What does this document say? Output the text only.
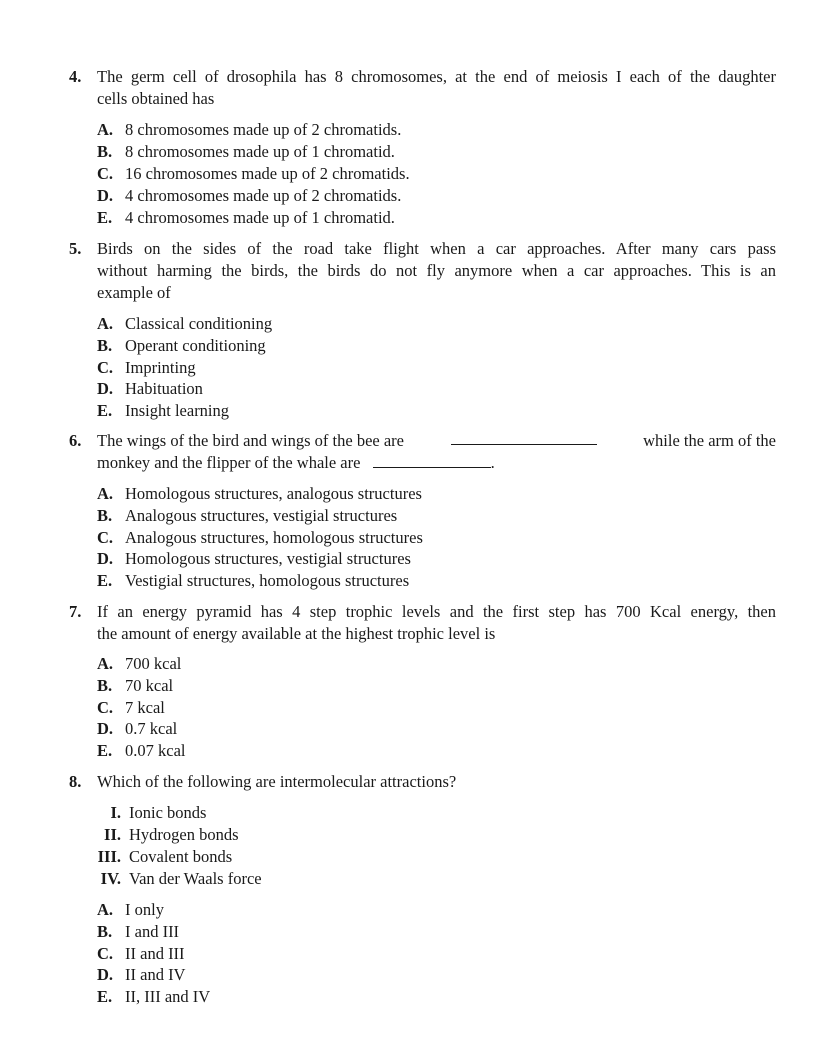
4. The germ cell of drosophila has 8 chromosomes, at the end of meiosis I each of the daughter
cells obtained has
A. 8 chromosomes made up of 2 chromatids.
B. 8 chromosomes made up of 1 chromatid.
C. 16 chromosomes made up of 2 chromatids.
D. 4 chromosomes made up of 2 chromatids.
E. 4 chromosomes made up of 1 chromatid.
5. Birds on the sides of the road take flight when a car approaches. After many cars pass
without harming the birds, the birds do not fly anymore when a car approaches. This is an
example of
A. Classical conditioning
B. Operant conditioning
C. Imprinting
D. Habituation
E. Insight learning
6. The wings of the bird and wings of the bee are	while the arm of the
monkey and the flipper of the whale are	.
A. Homologous structures, analogous structures
B. Analogous structures, vestigial structures
C. Analogous structures, homologous structures
D. Homologous structures, vestigial structures
E. Vestigial structures, homologous structures
7. If an energy pyramid has 4 step trophic levels and the first step has 700 Kcal energy, then
the amount of energy available at the highest trophic level is
A. 700 kcal
B. 70 kcal
C. 7 kcal
D. 0.7 kcal
E. 0.07 kcal
8. Which of the following are intermolecular attractions?
I. Ionic bonds
II. Hydrogen bonds
III. Covalent bonds
IV. Van der Waals force
A. I only
B. I and III
C. II and III
D. II and IV
E. II, III and IV
